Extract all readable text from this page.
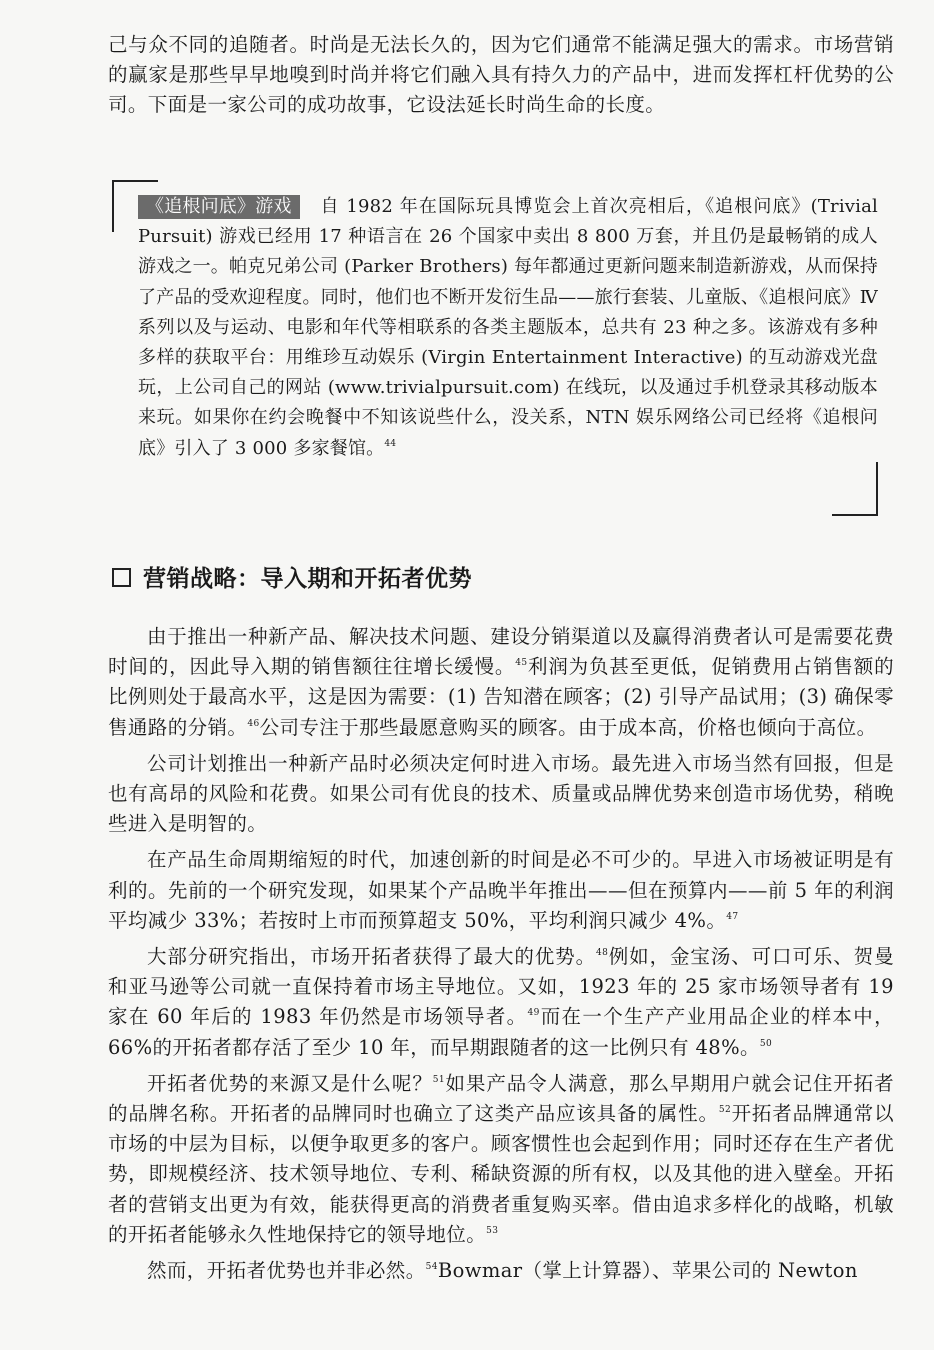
己与众不同的追随者。时尚是无法长久的，因为它们通常不能满足强大的需求。市场营销的赢家是那些早早地嗅到时尚并将它们融入具有持久力的产品中，进而发挥杠杆优势的公司。下面是一家公司的成功故事，它设法延长时尚生命的长度。

《追根问底》游戏 自 1982 年在国际玩具博览会上首次亮相后，《追根问底》(Trivial Pursuit) 游戏已经用 17 种语言在 26 个国家中卖出 8 800 万套，并且仍是最畅销的成人游戏之一。帕克兄弟公司 (Parker Brothers) 每年都通过更新问题来制造新游戏，从而保持了产品的受欢迎程度。同时，他们也不断开发衍生品——旅行套装、儿童版、《追根问底》Ⅳ系列以及与运动、电影和年代等相联系的各类主题版本，总共有 23 种之多。该游戏有多种多样的获取平台：用维珍互动娱乐 (Virgin Entertainment Interactive) 的互动游戏光盘玩，上公司自己的网站 (www.trivialpursuit.com) 在线玩，以及通过手机登录其移动版本来玩。如果你在约会晚餐中不知该说些什么，没关系，NTN 娱乐网络公司已经将《追根问底》引入了 3 000 多家餐馆。$^{44}$
营销战略：导入期和开拓者优势

由于推出一种新产品、解决技术问题、建设分销渠道以及赢得消费者认可是需要花费时间的，因此导入期的销售额往往增长缓慢。$^{45}$利润为负甚至更低，促销费用占销售额的比例则处于最高水平，这是因为需要：(1) 告知潜在顾客；(2) 引导产品试用；(3) 确保零售通路的分销。$^{46}$公司专注于那些最愿意购买的顾客。由于成本高，价格也倾向于高位。

公司计划推出一种新产品时必须决定何时进入市场。最先进入市场当然有回报，但是也有高昂的风险和花费。如果公司有优良的技术、质量或品牌优势来创造市场优势，稍晚些进入是明智的。

在产品生命周期缩短的时代，加速创新的时间是必不可少的。早进入市场被证明是有利的。先前的一个研究发现，如果某个产品晚半年推出——但在预算内——前 5 年的利润平均减少 33%；若按时上市而预算超支 50%，平均利润只减少 4%。$^{47}$

大部分研究指出，市场开拓者获得了最大的优势。$^{48}$例如，金宝汤、可口可乐、贺曼和亚马逊等公司就一直保持着市场主导地位。又如，1923 年的 25 家市场领导者有 19 家在 60 年后的 1983 年仍然是市场领导者。$^{49}$而在一个生产产业用品企业的样本中，66%的开拓者都存活了至少 10 年，而早期跟随者的这一比例只有 48%。$^{50}$

开拓者优势的来源又是什么呢？$^{51}$如果产品令人满意，那么早期用户就会记住开拓者的品牌名称。开拓者的品牌同时也确立了这类产品应该具备的属性。$^{52}$开拓者品牌通常以市场的中层为目标，以便争取更多的客户。顾客惯性也会起到作用；同时还存在生产者优势，即规模经济、技术领导地位、专利、稀缺资源的所有权，以及其他的进入壁垒。开拓者的营销支出更为有效，能获得更高的消费者重复购买率。借由追求多样化的战略，机敏的开拓者能够永久性地保持它的领导地位。$^{53}$

然而，开拓者优势也并非必然。$^{54}$Bowmar（掌上计算器）、苹果公司的 Newton
